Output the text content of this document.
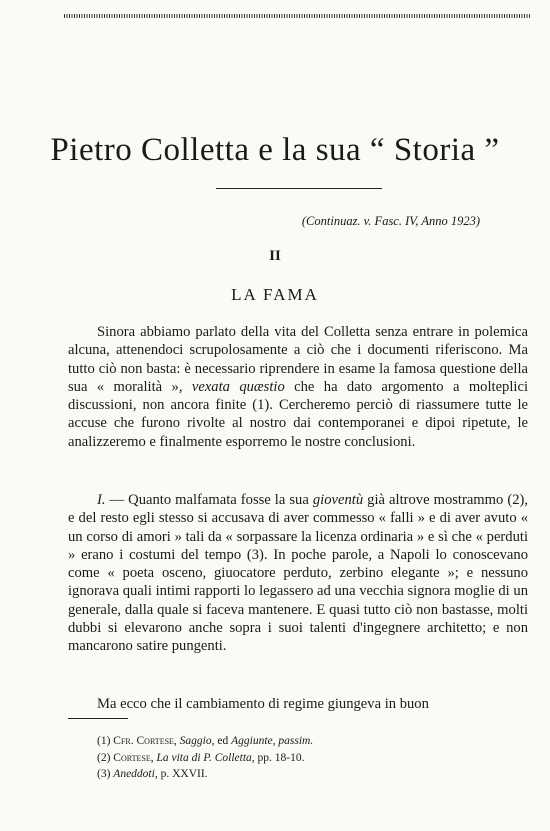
Pietro Colletta e la sua “ Storia ”
(Continuaz. v. Fasc. IV, Anno 1923)
II
LA FAMA

Sinora abbiamo parlato della vita del Colletta senza entrare in polemica alcuna, attenendoci scrupolosamente a ciò che i documenti riferiscono. Ma tutto ciò non basta: è necessario riprendere in esame la famosa questione della sua « moralità », vexata quæstio che ha dato argomento a molteplici discussioni, non ancora finite (1). Cercheremo perciò di riassumere tutte le accuse che furono rivolte al nostro dai contemporanei e dipoi ripetute, le analizzeremo e finalmente esporremo le nostre conclusioni.

I. — Quanto malfamata fosse la sua gioventù già altrove mostrammo (2), e del resto egli stesso si accusava di aver commesso « falli » e di aver avuto « un corso di amori » tali da « sorpassare la licenza ordinaria » e sì che « perduti » erano i costumi del tempo (3). In poche parole, a Napoli lo conoscevano come « poeta osceno, giuocatore perduto, zerbino elegante »; e nessuno ignorava quali intimi rapporti lo legassero ad una vecchia signora moglie di un generale, dalla quale si faceva mantenere. E quasi tutto ciò non bastasse, molti dubbi si elevarono anche sopra i suoi talenti d'ingegnere architetto; e non mancarono satire pungenti.

Ma ecco che il cambiamento di regime giungeva in buon

(1) Cfr. Cortese, Saggio, ed Aggiunte, passim.
(2) Cortese, La vita di P. Colletta, pp. 18-10.
(3) Aneddoti, p. XXVII.
